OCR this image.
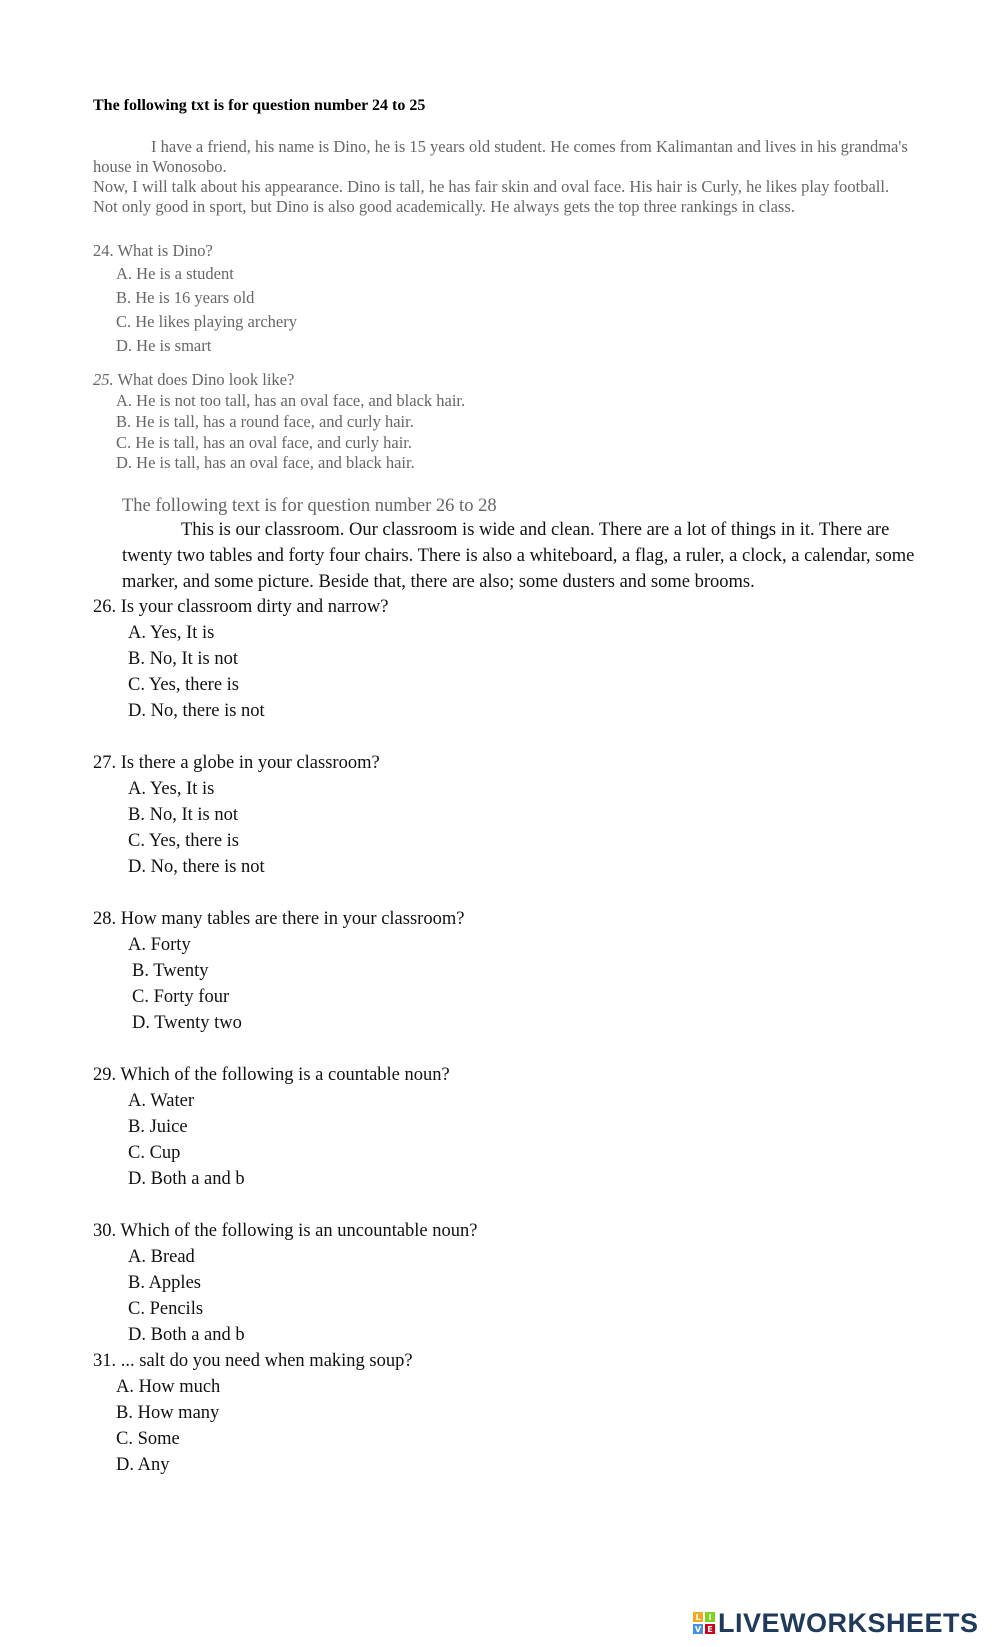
The following txt is for question number 24 to 25

I have a friend, his name is Dino, he is 15 years old student. He comes from Kalimantan and lives in his grandma's house in Wonosobo.

Now, I will talk about his appearance. Dino is tall, he has fair skin and oval face. His hair is Curly, he likes play football.

Not only good in sport, but Dino is also good academically. He always gets the top three rankings in class.

24. What is Dino?
A. He is a student
B. He is 16 years old
C. He likes playing archery
D. He is smart
25. What does Dino look like?
A. He is not too tall, has an oval face, and black hair.
B. He is tall, has a round face, and curly hair.
C. He is tall, has an oval face, and curly hair.
D. He is tall, has an oval face, and black hair.
The following text is for question number 26 to 28
This is our classroom. Our classroom is wide and clean. There are a lot of things in it. There are twenty two tables and forty four chairs. There is also a whiteboard, a flag, a ruler, a clock, a calendar, some marker, and some picture. Beside that, there are also; some dusters and some brooms.
26. Is your classroom dirty and narrow?
A. Yes, It is
B. No, It is not
C. Yes, there is
D. No, there is not
27. Is there a globe in your classroom?
A. Yes, It is
B. No, It is not
C. Yes, there is
D. No, there is not
28. How many tables are there in your classroom?
A. Forty
B. Twenty
C. Forty four
D. Twenty two
29. Which of the following is a countable noun?
A. Water
B. Juice
C. Cup
D. Both a and b
30. Which of the following is an uncountable noun?
A. Bread
B. Apples
C. Pencils
D. Both a and b
31. ... salt do you need when making soup?
A. How much
B. How many
C. Some
D. Any
L I
V E LIVEWORKSHEETS
